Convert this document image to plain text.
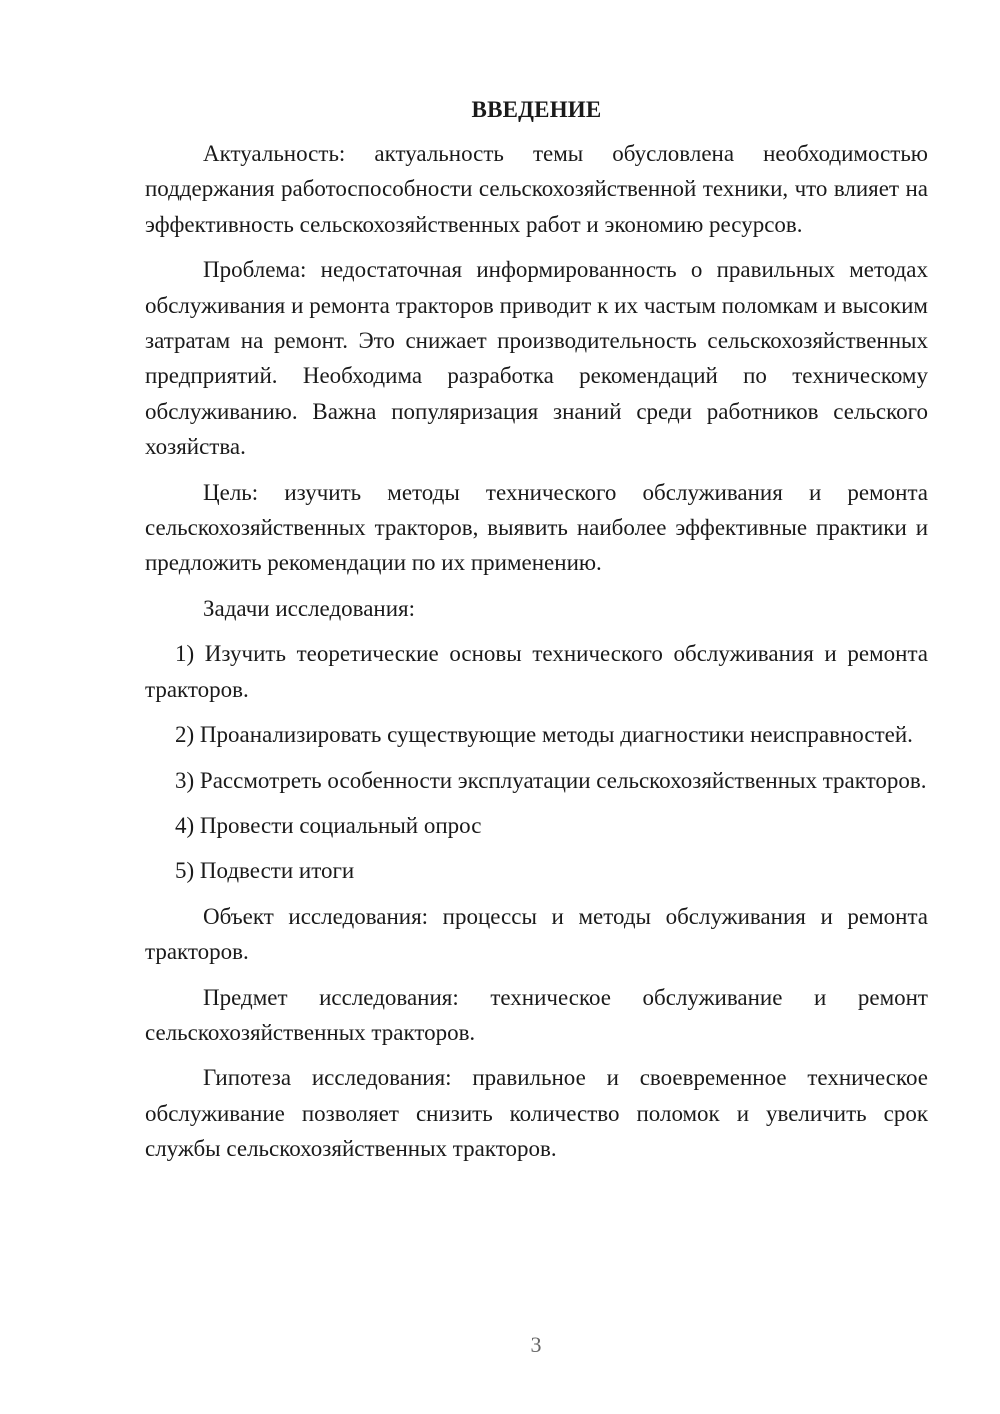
ВВЕДЕНИЕ

Актуальность: актуальность темы обусловлена необходимостью поддержания работоспособности сельскохозяйственной техники, что влияет на эффективность сельскохозяйственных работ и экономию ресурсов.

Проблема: недостаточная информированность о правильных методах обслуживания и ремонта тракторов приводит к их частым поломкам и высоким затратам на ремонт. Это снижает производительность сельскохозяйственных предприятий. Необходима разработка рекомендаций по техническому обслуживанию. Важна популяризация знаний среди работников сельского хозяйства.

Цель: изучить методы технического обслуживания и ремонта сельскохозяйственных тракторов, выявить наиболее эффективные практики и предложить рекомендации по их применению.

Задачи исследования:

1) Изучить теоретические основы технического обслуживания и ремонта тракторов.

2) Проанализировать существующие методы диагностики неисправностей.

3) Рассмотреть особенности эксплуатации сельскохозяйственных тракторов.

4) Провести социальный опрос

5) Подвести итоги

Объект исследования: процессы и методы обслуживания и ремонта тракторов.

Предмет исследования: техническое обслуживание и ремонт сельскохозяйственных тракторов.

Гипотеза исследования: правильное и своевременное техническое обслуживание позволяет снизить количество поломок и увеличить срок службы сельскохозяйственных тракторов.

3
